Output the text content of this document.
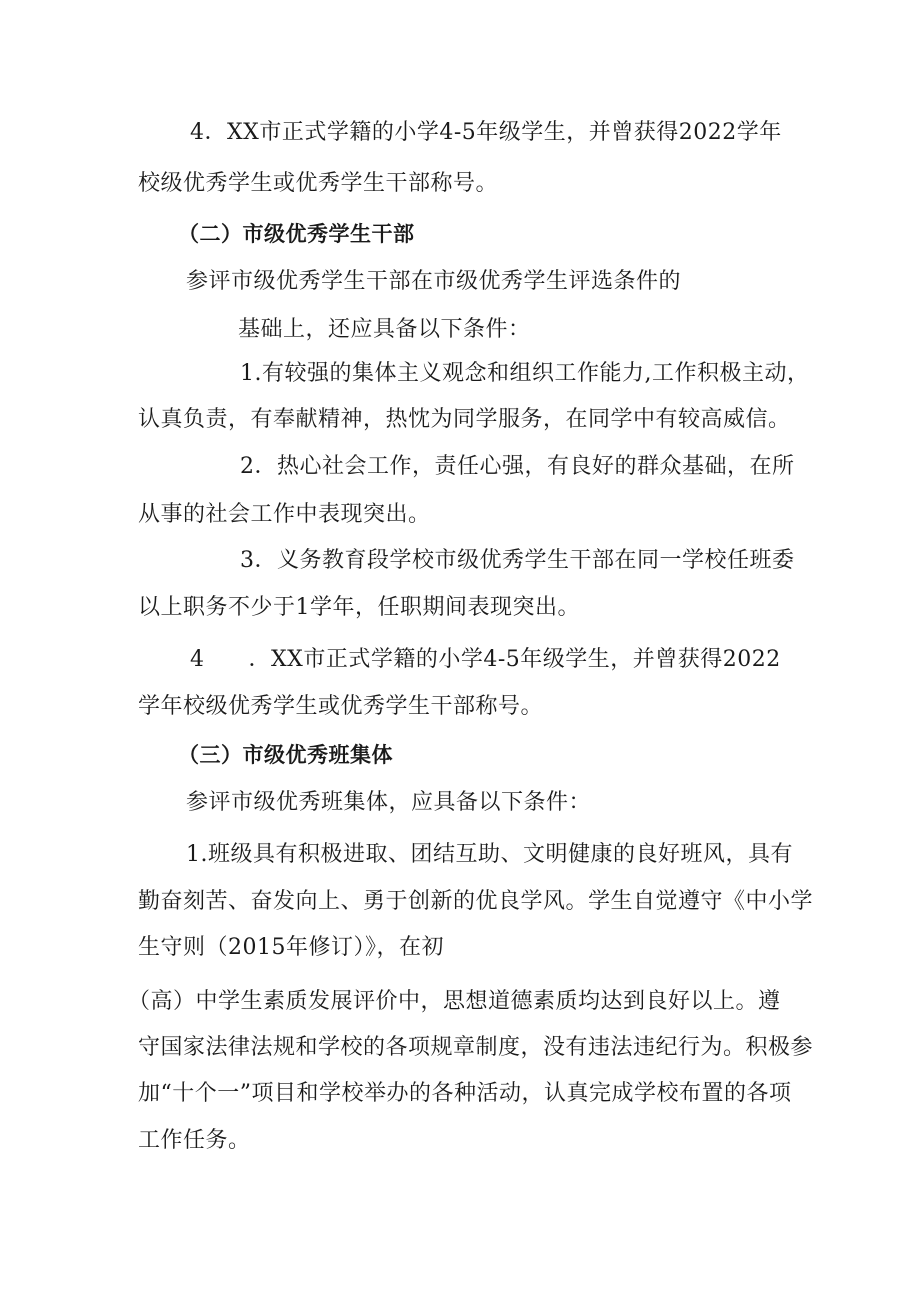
4．XX市正式学籍的小学4-5年级学生，并曾获得2022学年
校级优秀学生或优秀学生干部称号。
（二）市级优秀学生干部
参评市级优秀学生干部在市级优秀学生评选条件的
基础上，还应具备以下条件：
1.有较强的集体主义观念和组织工作能力,工作积极主动，
认真负责，有奉献精神，热忱为同学服务，在同学中有较高威信。
2．热心社会工作，责任心强，有良好的群众基础，在所
从事的社会工作中表现突出。
3．义务教育段学校市级优秀学生干部在同一学校任班委
以上职务不少于1学年，任职期间表现突出。
4 ．XX市正式学籍的小学4-5年级学生，并曾获得2022
学年校级优秀学生或优秀学生干部称号。
（三）市级优秀班集体
参评市级优秀班集体，应具备以下条件：
1.班级具有积极进取、团结互助、文明健康的良好班风，具有
勤奋刻苦、奋发向上、勇于创新的优良学风。学生自觉遵守《中小学
生守则（2015年修订）》，在初
（高）中学生素质发展评价中，思想道德素质均达到良好以上。遵
守国家法律法规和学校的各项规章制度，没有违法违纪行为。积极参
加“十个一”项目和学校举办的各种活动，认真完成学校布置的各项
工作任务。
